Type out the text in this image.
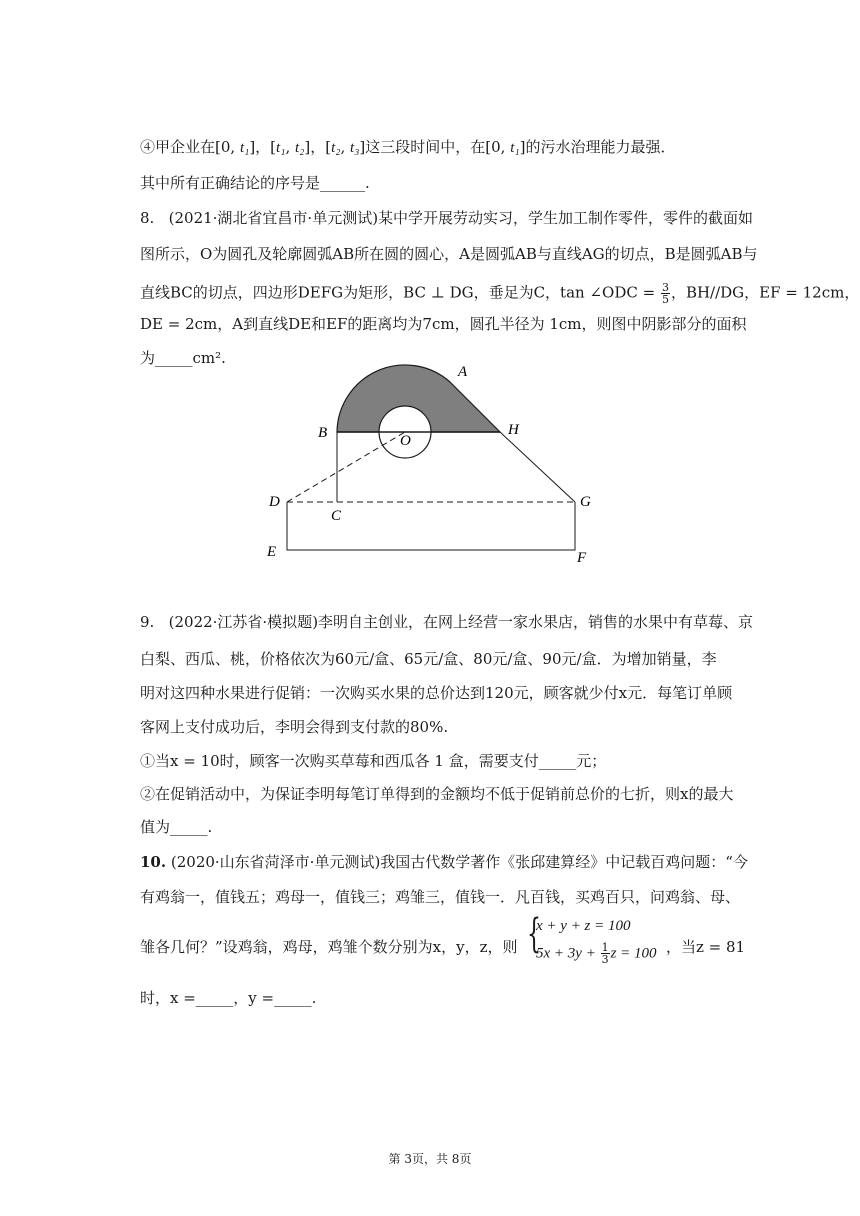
④甲企业在[0, t₁]，[t₁, t₂]，[t₂, t₃]这三段时间中，在[0, t₁]的污水治理能力最强．
其中所有正确结论的序号是______.
8. (2021·湖北省宜昌市·单元测试)某中学开展劳动实习，学生加工制作零件，零件的截面如
图所示，O为圆孔及轮廓圆弧AB所在圆的圆心，A是圆弧AB与直线AG的切点，B是圆弧AB与
直线BC的切点，四边形DEFG为矩形，BC ⊥ DG，垂足为C，tan ∠ODC = $\frac{3}{5}$ ，BH//DG，EF = 12cm，
DE = 2cm，A到直线DE和EF的距离均为7cm，圆孔半径为 1cm，则图中阴影部分的面积
为_____cm².
A
B	H
O
D
C
G
E	F
9. (2022·江苏省·模拟题)李明自主创业，在网上经营一家水果店，销售的水果中有草莓、京
白梨、西瓜、桃，价格依次为60元/盒、65元/盒、80元/盒、90元/盒．为增加销量，李
明对这四种水果进行促销：一次购买水果的总价达到120元，顾客就少付x元．每笔订单顾
客网上支付成功后，李明会得到支付款的80%.
①当x = 10时，顾客一次购买草莓和西瓜各 1 盒，需要支付_____元；
②在促销活动中，为保证李明每笔订单得到的金额均不低于促销前总价的七折，则x的最大
值为_____.
10. (2020·山东省菏泽市·单元测试)我国古代数学著作《张邱建算经》中记载百鸡问题：“今
有鸡翁一，值钱五；鸡母一，值钱三；鸡雏三，值钱一．凡百钱，买鸡百只，问鸡翁、母、
雏各几何？”设鸡翁，鸡母，鸡雏个数分别为x，y，z，则 {
x + y + z = 100
$5x + 3y + \frac{1}{3}$ z = 100 ，当z = 81
时，x =_____，y =_____.
第 3页，共 8页
